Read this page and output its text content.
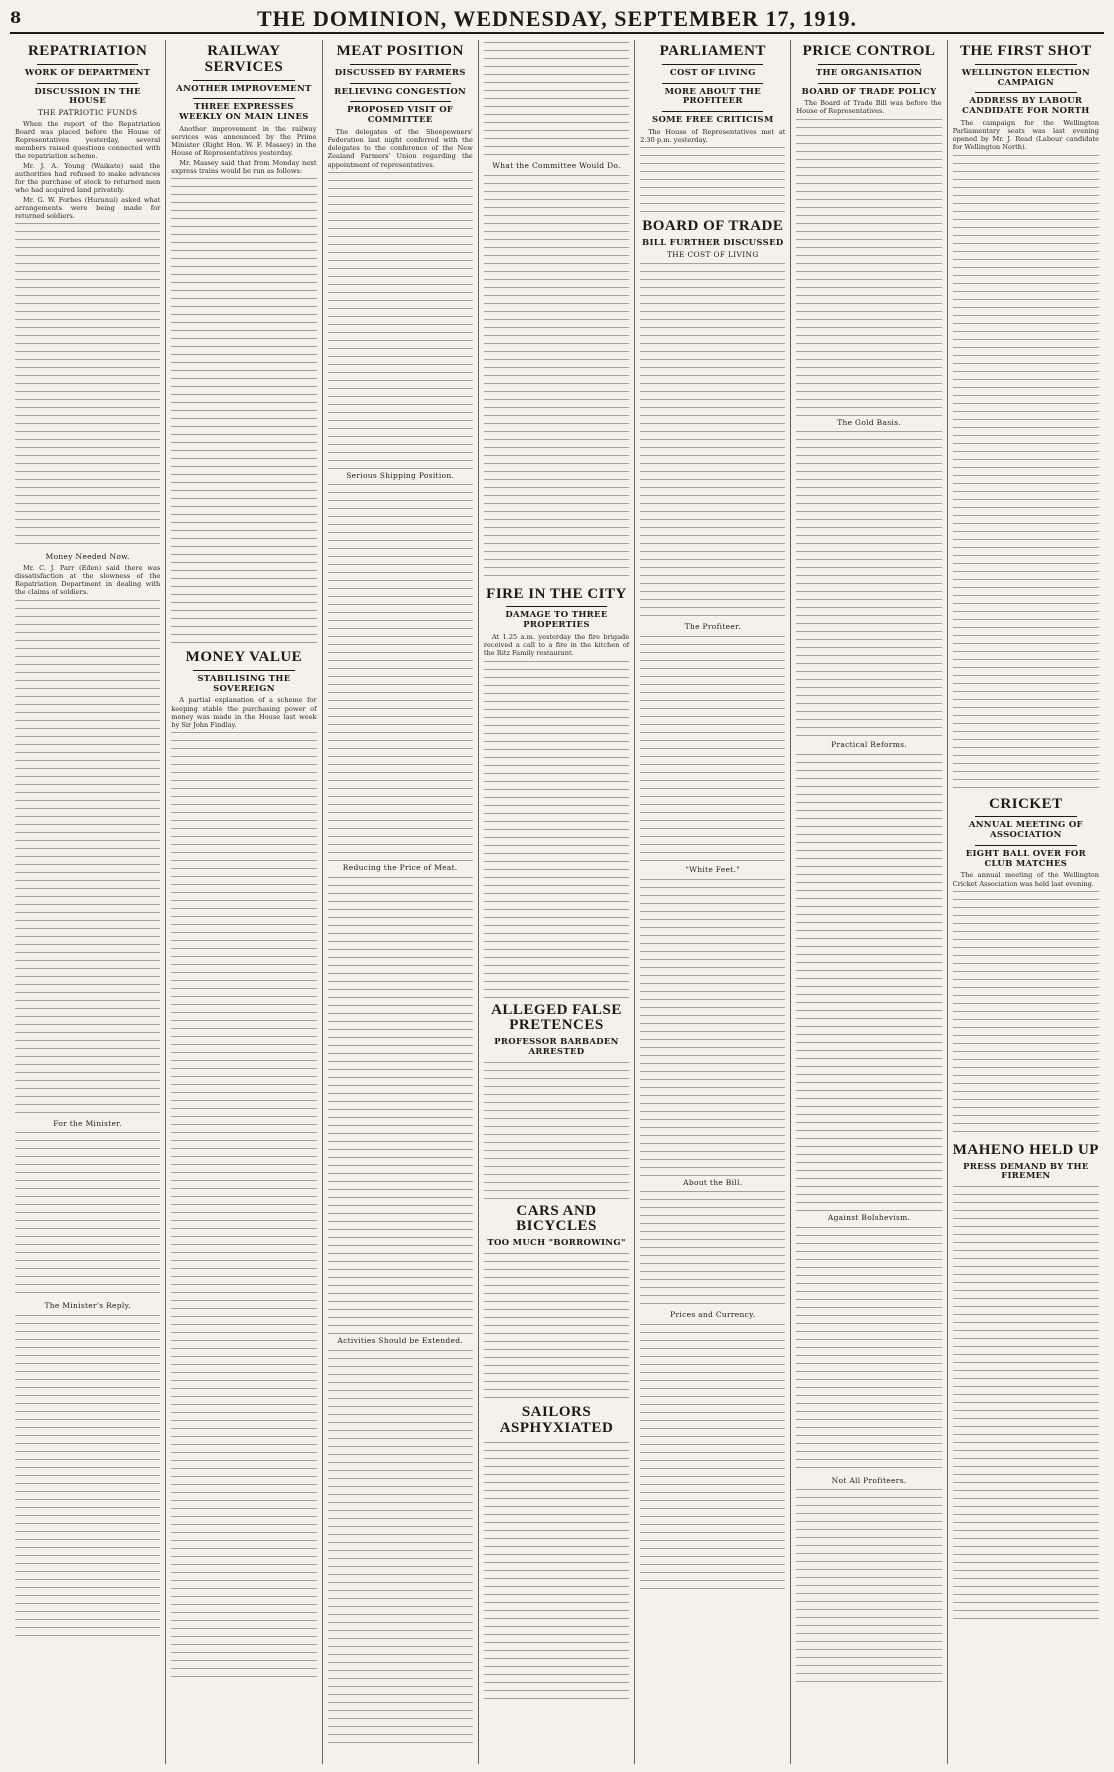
8	THE DOMINION, WEDNESDAY, SEPTEMBER 17, 1919.
REPATRIATION
WORK OF DEPARTMENT
DISCUSSION IN THE HOUSE
THE PATRIOTIC FUNDS
When the report of the Repatriation Board was placed before the House of Representatives yesterday, several members raised questions connected with the repatriation scheme.
Mr. J. A. Young (Waikato) said the authorities had refused to make advances for the purchase of stock to returned men who had acquired land privately.
Mr. G. W. Forbes (Hurunui) asked what arrangements were being made for returned soldiers.
Money Needed Now.
Mr. C. J. Parr (Eden) said there was dissatisfaction at the slowness of the Repatriation Department in dealing with the claims of soldiers.
For the Minister.
The Minister's Reply.
RAILWAY SERVICES
ANOTHER IMPROVEMENT
THREE EXPRESSES WEEKLY ON MAIN LINES
Another improvement in the railway services was announced by the Prime Minister (Right Hon. W. F. Massey) in the House of Representatives yesterday.
Mr. Massey said that from Monday next express trains would be run as follows:
MONEY VALUE
STABILISING THE SOVEREIGN
A partial explanation of a scheme for keeping stable the purchasing power of money was made in the House last week by Sir John Findlay.
MEAT POSITION
DISCUSSED BY FARMERS
RELIEVING CONGESTION
PROPOSED VISIT OF COMMITTEE
The delegates of the Sheepowners' Federation last night conferred with the delegates to the conference of the New Zealand Farmers' Union regarding the appointment of representatives.
Serious Shipping Position.
Reducing the Price of Meat.
Activities Should be Extended.
What the Committee Would Do.
FIRE IN THE CITY
DAMAGE TO THREE PROPERTIES
At 1.25 a.m. yesterday the fire brigade received a call to a fire in the kitchen of the Ritz Family restaurant.
ALLEGED FALSE PRETENCES
PROFESSOR BARBADEN ARRESTED
CARS AND BICYCLES
TOO MUCH "BORROWING"
SAILORS ASPHYXIATED
PARLIAMENT
COST OF LIVING
MORE ABOUT THE PROFITEER
SOME FREE CRITICISM
The House of Representatives met at 2.30 p.m. yesterday.
BOARD OF TRADE
BILL FURTHER DISCUSSED
THE COST OF LIVING
The Profiteer.
"White Feet."
About the Bill.
Prices and Currency.
PRICE CONTROL
THE ORGANISATION
BOARD OF TRADE POLICY
The Board of Trade Bill was before the House of Representatives.
The Gold Basis.
Practical Reforms.
Against Bolshevism.
Not All Profiteers.
THE FIRST SHOT
WELLINGTON ELECTION CAMPAIGN
ADDRESS BY LABOUR CANDIDATE FOR NORTH
The campaign for the Wellington Parliamentary seats was last evening opened by Mr. J. Read (Labour candidate for Wellington North).
CRICKET
ANNUAL MEETING OF ASSOCIATION
EIGHT BALL OVER FOR CLUB MATCHES
The annual meeting of the Wellington Cricket Association was held last evening.
MAHENO HELD UP
PRESS DEMAND BY THE FIREMEN
